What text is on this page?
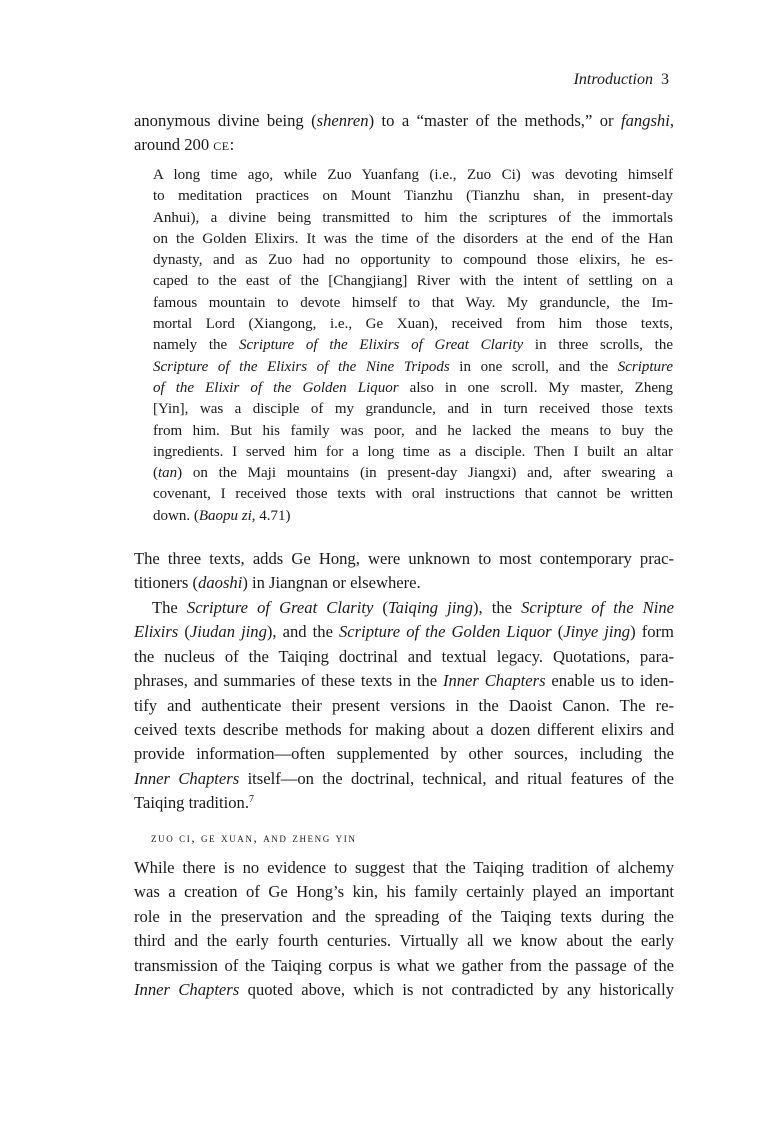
Introduction 3
anonymous divine being (shenren) to a “master of the methods,” or fangshi,
around 200 ce:
A long time ago, while Zuo Yuanfang (i.e., Zuo Ci) was devoting himself
to meditation practices on Mount Tianzhu (Tianzhu shan, in present-day
Anhui), a divine being transmitted to him the scriptures of the immortals
on the Golden Elixirs. It was the time of the disorders at the end of the Han
dynasty, and as Zuo had no opportunity to compound those elixirs, he es-
caped to the east of the [Changjiang] River with the intent of settling on a
famous mountain to devote himself to that Way. My granduncle, the Im-
mortal Lord (Xiangong, i.e., Ge Xuan), received from him those texts,
namely the Scripture of the Elixirs of Great Clarity in three scrolls, the
Scripture of the Elixirs of the Nine Tripods in one scroll, and the Scripture
of the Elixir of the Golden Liquor also in one scroll. My master, Zheng
[Yin], was a disciple of my granduncle, and in turn received those texts
from him. But his family was poor, and he lacked the means to buy the
ingredients. I served him for a long time as a disciple. Then I built an altar
(tan) on the Maji mountains (in present-day Jiangxi) and, after swearing a
covenant, I received those texts with oral instructions that cannot be written
down. (Baopu zi, 4.71)
The three texts, adds Ge Hong, were unknown to most contemporary prac-
titioners (daoshi) in Jiangnan or elsewhere.
The Scripture of Great Clarity (Taiqing jing), the Scripture of the Nine
Elixirs (Jiudan jing), and the Scripture of the Golden Liquor (Jinye jing) form
the nucleus of the Taiqing doctrinal and textual legacy. Quotations, para-
phrases, and summaries of these texts in the Inner Chapters enable us to iden-
tify and authenticate their present versions in the Daoist Canon. The re-
ceived texts describe methods for making about a dozen different elixirs and
provide information—often supplemented by other sources, including the
Inner Chapters itself—on the doctrinal, technical, and ritual features of the
Taiqing tradition.$^7$
zuo ci, ge xuan, and zheng yin
While there is no evidence to suggest that the Taiqing tradition of alchemy
was a creation of Ge Hong’s kin, his family certainly played an important
role in the preservation and the spreading of the Taiqing texts during the
third and the early fourth centuries. Virtually all we know about the early
transmission of the Taiqing corpus is what we gather from the passage of the
Inner Chapters quoted above, which is not contradicted by any historically
